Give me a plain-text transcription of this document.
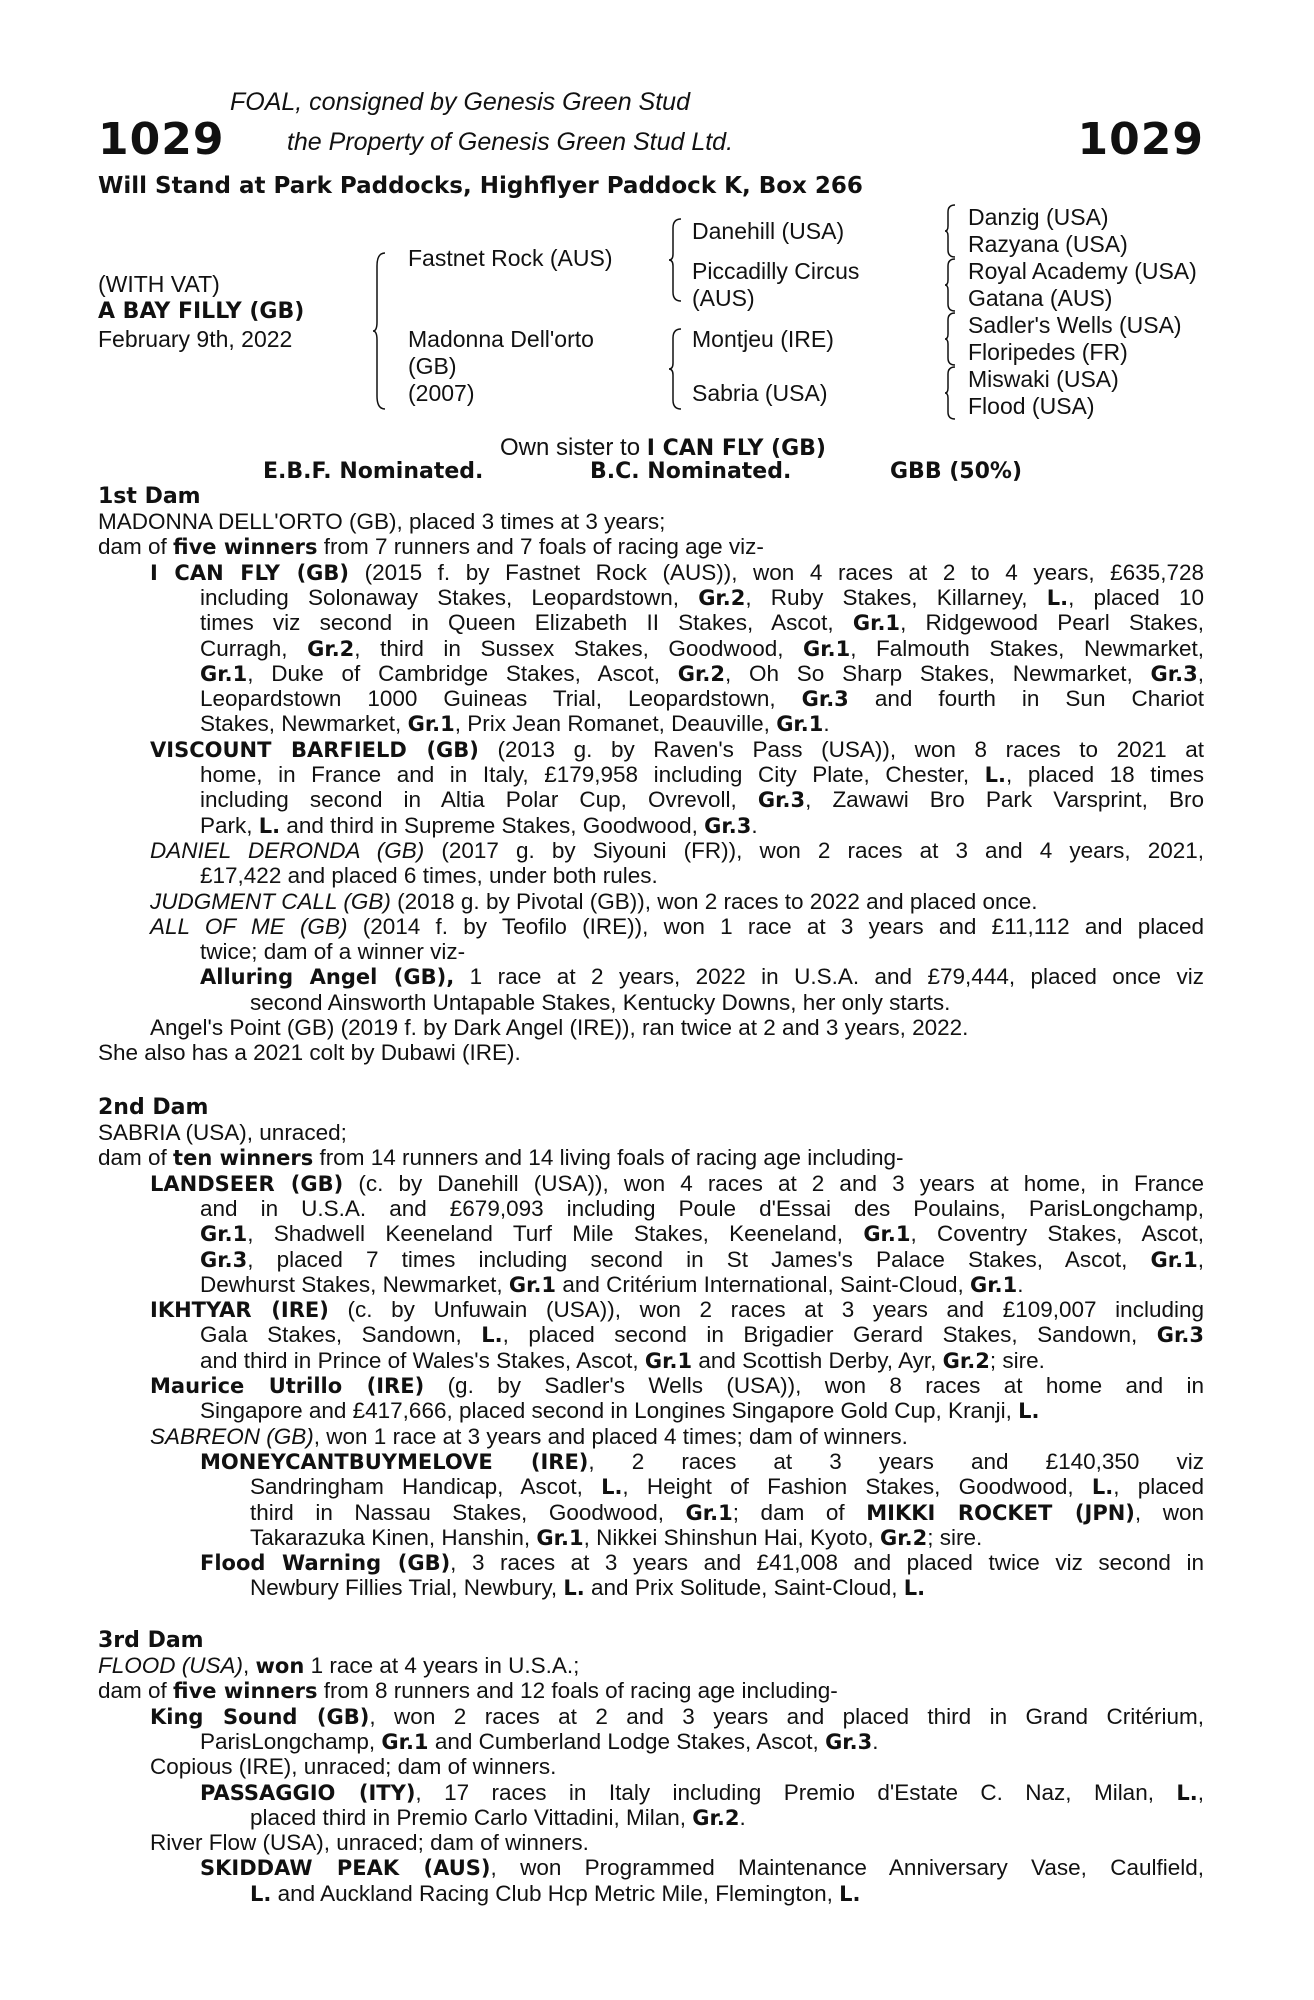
1029	1029
FOAL, consigned by Genesis Green Stud
the Property of Genesis Green Stud Ltd.
Will Stand at Park Paddocks, Highflyer Paddock K, Box 266
(WITH VAT)
A BAY FILLY (GB)
February 9th, 2022
Fastnet Rock (AUS)
Madonna Dell'orto
(GB)
(2007)
Danehill (USA)
Piccadilly Circus
(AUS)
Montjeu (IRE)
Sabria (USA)
Danzig (USA)
Razyana (USA)
Royal Academy (USA)
Gatana (AUS)
Sadler's Wells (USA)
Floripedes (FR)
Miswaki (USA)
Flood (USA)
Own sister to I CAN FLY (GB)
E.B.F. Nominated.	B.C. Nominated.	GBB (50%)
1st Dam
MADONNA DELL'ORTO (GB), placed 3 times at 3 years;
dam of five winners from 7 runners and 7 foals of racing age viz-
I CAN FLY (GB) (2015 f. by Fastnet Rock (AUS)), won 4 races at 2 to 4 years, £635,728
including Solonaway Stakes, Leopardstown, Gr.2, Ruby Stakes, Killarney, L., placed 10
times viz second in Queen Elizabeth II Stakes, Ascot, Gr.1, Ridgewood Pearl Stakes,
Curragh, Gr.2, third in Sussex Stakes, Goodwood, Gr.1, Falmouth Stakes, Newmarket,
Gr.1, Duke of Cambridge Stakes, Ascot, Gr.2, Oh So Sharp Stakes, Newmarket, Gr.3,
Leopardstown 1000 Guineas Trial, Leopardstown, Gr.3 and fourth in Sun Chariot
Stakes, Newmarket, Gr.1, Prix Jean Romanet, Deauville, Gr.1.
VISCOUNT BARFIELD (GB) (2013 g. by Raven's Pass (USA)), won 8 races to 2021 at
home, in France and in Italy, £179,958 including City Plate, Chester, L., placed 18 times
including second in Altia Polar Cup, Ovrevoll, Gr.3, Zawawi Bro Park Varsprint, Bro
Park, L. and third in Supreme Stakes, Goodwood, Gr.3.
DANIEL DERONDA (GB) (2017 g. by Siyouni (FR)), won 2 races at 3 and 4 years, 2021,
£17,422 and placed 6 times, under both rules.
JUDGMENT CALL (GB) (2018 g. by Pivotal (GB)), won 2 races to 2022 and placed once.
ALL OF ME (GB) (2014 f. by Teofilo (IRE)), won 1 race at 3 years and £11,112 and placed
twice; dam of a winner viz-
Alluring Angel (GB), 1 race at 2 years, 2022 in U.S.A. and £79,444, placed once viz
second Ainsworth Untapable Stakes, Kentucky Downs, her only starts.
Angel's Point (GB) (2019 f. by Dark Angel (IRE)), ran twice at 2 and 3 years, 2022.
She also has a 2021 colt by Dubawi (IRE).
2nd Dam
SABRIA (USA), unraced;
dam of ten winners from 14 runners and 14 living foals of racing age including-
LANDSEER (GB) (c. by Danehill (USA)), won 4 races at 2 and 3 years at home, in France
and in U.S.A. and £679,093 including Poule d'Essai des Poulains, ParisLongchamp,
Gr.1, Shadwell Keeneland Turf Mile Stakes, Keeneland, Gr.1, Coventry Stakes, Ascot,
Gr.3, placed 7 times including second in St James's Palace Stakes, Ascot, Gr.1,
Dewhurst Stakes, Newmarket, Gr.1 and Critérium International, Saint-Cloud, Gr.1.
IKHTYAR (IRE) (c. by Unfuwain (USA)), won 2 races at 3 years and £109,007 including
Gala Stakes, Sandown, L., placed second in Brigadier Gerard Stakes, Sandown, Gr.3
and third in Prince of Wales's Stakes, Ascot, Gr.1 and Scottish Derby, Ayr, Gr.2; sire.
Maurice Utrillo (IRE) (g. by Sadler's Wells (USA)), won 8 races at home and in
Singapore and £417,666, placed second in Longines Singapore Gold Cup, Kranji, L.
SABREON (GB), won 1 race at 3 years and placed 4 times; dam of winners.
MONEYCANTBUYMELOVE (IRE), 2 races at 3 years and £140,350 viz
Sandringham Handicap, Ascot, L., Height of Fashion Stakes, Goodwood, L., placed
third in Nassau Stakes, Goodwood, Gr.1; dam of MIKKI ROCKET (JPN), won
Takarazuka Kinen, Hanshin, Gr.1, Nikkei Shinshun Hai, Kyoto, Gr.2; sire.
Flood Warning (GB), 3 races at 3 years and £41,008 and placed twice viz second in
Newbury Fillies Trial, Newbury, L. and Prix Solitude, Saint-Cloud, L.
3rd Dam
FLOOD (USA), won 1 race at 4 years in U.S.A.;
dam of five winners from 8 runners and 12 foals of racing age including-
King Sound (GB), won 2 races at 2 and 3 years and placed third in Grand Critérium,
ParisLongchamp, Gr.1 and Cumberland Lodge Stakes, Ascot, Gr.3.
Copious (IRE), unraced; dam of winners.
PASSAGGIO (ITY), 17 races in Italy including Premio d'Estate C. Naz, Milan, L.,
placed third in Premio Carlo Vittadini, Milan, Gr.2.
River Flow (USA), unraced; dam of winners.
SKIDDAW PEAK (AUS), won Programmed Maintenance Anniversary Vase, Caulfield,
L. and Auckland Racing Club Hcp Metric Mile, Flemington, L.
